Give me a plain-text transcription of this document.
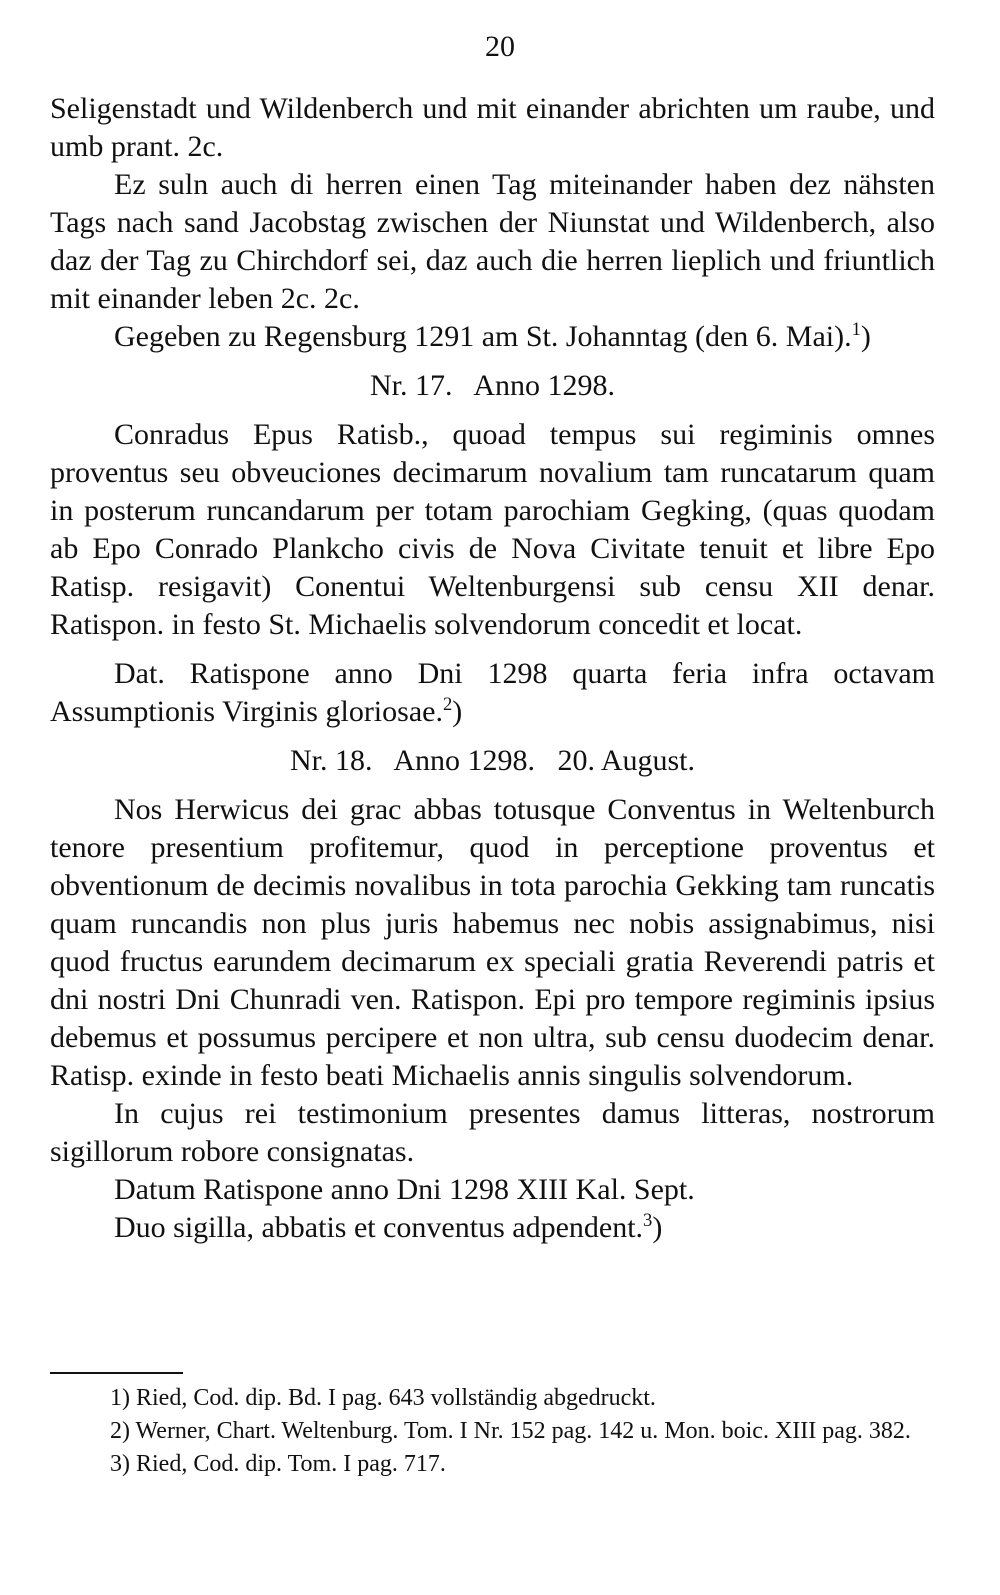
20

Seligenstadt und Wildenberch und mit einander abrichten um raube, und umb prant. 2c.

Ez suln auch di herren einen Tag miteinander haben dez nähsten Tags nach sand Jacobstag zwischen der Niunstat und Wildenberch, also daz der Tag zu Chirchdorf sei, daz auch die herren lieplich und friuntlich mit einander leben 2c. 2c.

Gegeben zu Regensburg 1291 am St. Johanntag (den 6. Mai).$^1$)

Nr. 17.   Anno 1298.

Conradus Epus Ratisb., quoad tempus sui regiminis omnes proventus seu obveuciones decimarum novalium tam runcatarum quam in posterum runcandarum per totam parochiam Gegking, (quas quodam ab Epo Conrado Plankcho civis de Nova Civitate tenuit et libre Epo Ratisp. resigavit) Conentui Weltenburgensi sub censu XII denar. Ratispon. in festo St. Michaelis solvendorum concedit et locat.

Dat. Ratispone anno Dni 1298 quarta feria infra octavam Assumptionis Virginis gloriosae.$^2$)

Nr. 18.   Anno 1298.   20. August.

Nos Herwicus dei grac abbas totusque Conventus in Weltenburch tenore presentium profitemur, quod in perceptione proventus et obventionum de decimis novalibus in tota parochia Gekking tam runcatis quam runcandis non plus juris habemus nec nobis assignabimus, nisi quod fructus earundem decimarum ex speciali gratia Reverendi patris et dni nostri Dni Chunradi ven. Ratispon. Epi pro tempore regiminis ipsius debemus et possumus percipere et non ultra, sub censu duodecim denar. Ratisp. exinde in festo beati Michaelis annis singulis solvendorum.

In cujus rei testimonium presentes damus litteras, nostrorum sigillorum robore consignatas.

Datum Ratispone anno Dni 1298 XIII Kal. Sept.

Duo sigilla, abbatis et conventus adpendent.$^3$)

1) Ried, Cod. dip. Bd. I pag. 643 vollständig abgedruckt.

2) Werner, Chart. Weltenburg. Tom. I Nr. 152 pag. 142 u. Mon. boic. XIII pag. 382.

3) Ried, Cod. dip. Tom. I pag. 717.
